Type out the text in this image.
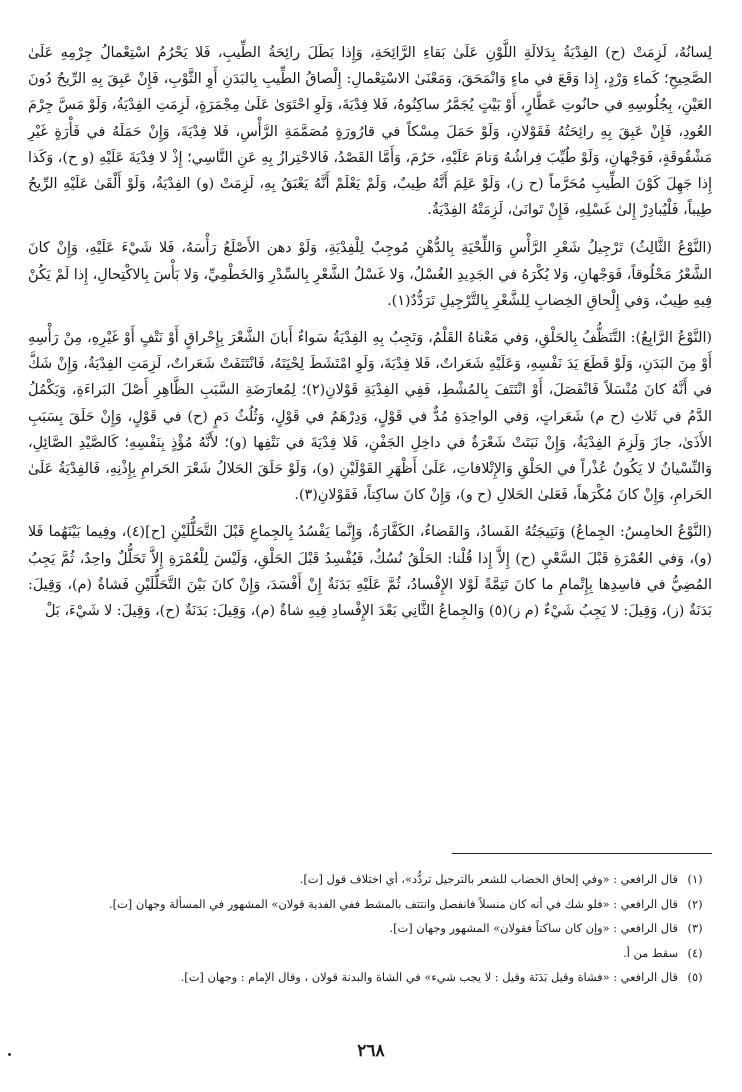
لِسانُهُ، لَزِمَتْ (ح) الفِدْيَةُ بِدَلالَةِ اللَّوْنِ عَلَىٰ بَقاءِ الرَّائِحَةِ، وَإِذا بَطَلَ رائِحَةُ الطِّيبِ، فَلا يَحْرُمُ اسْتِعْمالُ جِرْمِهِ عَلَىٰ الصَّحِيحِ؛ كَماءِ وَرْدٍ، إِذا وَقَعَ في ماءٍ وَانْمَحَقَ، وَمَعْنَىٰ الاسْتِعْمالِ: إِلْصاقُ الطِّيبِ بِالبَدَنِ أَوِ الثَّوْبِ، فَإِنْ عَبِقَ بِهِ الرِّيحُ دُونَ العَيْنِ، بِجُلُوسِهِ في حانُوتِ عَطَّارٍ، أَوْ بَيْتٍ يُجَمَّرُ ساكِنُوهُ، فَلا فِدْيَةَ، وَلَوِ احْتَوَىٰ عَلَىٰ مِجْمَرَةٍ، لَزِمَتِ الفِدْيَةُ، وَلَوْ مَسَّ جِرْمَ العُودِ، فَإِنْ عَبِقَ بِهِ رائِحَتُهُ فَقَوْلانِ، وَلَوْ حَمَلَ مِسْكاً في قارُورَةٍ مُصَمَّمَةِ الرَّأْسِ، فَلا فِدْيَةَ، وَإِنْ حَمَلَهُ في فَأْرَةٍ غَيْرِ مَشْقُوقَةٍ، فَوَجْهانِ، وَلَوْ طُيِّبَ فِراشُهُ وَنامَ عَلَيْهِ، حَرُمَ، وَأَمَّا القَصْدُ، فَالاحْتِرازُ بِهِ عَنِ النَّاسِي؛ إِذْ لا فِدْيَةَ عَلَيْهِ (و ح)، وَكَذا إِذا جَهِلَ كَوْنَ الطِّيبِ مُحَرَّماً (ح ز)، وَلَوْ عَلِمَ أَنَّهُ طِيبٌ، وَلَمْ يَعْلَمْ أَنَّهُ يَعْبَقُ بِهِ، لَزِمَتْ (و) الفِدْيَةُ، وَلَوْ أَلْقَىٰ عَلَيْهِ الرِّيحُ طِيباً، فَلْيُبادِرْ إِلىٰ غَسْلِهِ، فَإِنْ تَوانَىٰ، لَزِمَتْهُ الفِدْيَةُ.

(النَّوْعُ الثَّالِثُ) تَرْجِيلُ شَعْرِ الرَّأْسِ وَاللِّحْيَةِ بِالدُّهْنِ مُوجِبٌ لِلْفِدْيَةِ، وَلَوْ دهن الأَصْلَعُ رَأْسَهُ، فَلا شَيْءَ عَلَيْهِ، وَإِنْ كانَ الشَّعْرُ مَحْلُوقاً، فَوَجْهانِ، وَلا يُكْرَهُ في الجَدِيدِ الغُسْلُ، وَلا غَسْلُ الشَّعْرِ بِالسِّدْرِ وَالخَطْمِيِّ، وَلا بَأْسَ بِالاكْتِحالِ، إِذا لَمْ يَكُنْ فِيهِ طِيبٌ، وَفي إِلْحاقِ الخِضابِ لِلشَّعْرِ بِالتَّرْجِيلِ تَرَدُّدٌ(١).

(النَّوْعُ الرَّابِعُ): التَّنَظُّفُ بِالحَلْقِ، وَفي مَعْناهُ القَلْمُ، وَتَجِبُ بِهِ الفِدْيَةُ سَواءٌ أَبانَ الشَّعْرَ بِإِحْراقٍ أَوْ نَتْفٍ أَوْ غَيْرِهِ، مِنْ رَأْسِهِ أَوْ مِنَ البَدَنِ، وَلَوْ قَطَعَ يَدَ نَفْسِهِ، وَعَلَيْهِ شَعَراتٌ، فَلا فِدْيَةَ، وَلَوِ امْتَشَطَ لِحْيَتَهُ، فَانْتَتَفَتْ شَعَراتٌ، لَزِمَتِ الفِدْيَةُ، وَإِنْ شَكَّ في أَنَّهُ كانَ مُنْسَلاً فَانْفَصَلَ، أَوْ انْتَتَفَ بِالمُشْطِ، فَفِي الفِدْيَةِ قَوْلانِ(٢)؛ لِمُعارَضَةِ السَّبَبِ الظَّاهِرِ أَصْلَ البَراءَةِ، وَيَكْمُلُ الدَّمُ في ثَلاثِ (ح م) شَعَراتٍ، وَفي الواحِدَةِ مُدٌّ في قَوْلٍ، وَدِرْهَمٌ في قَوْلٍ، وَثُلُثُ دَمٍ (ح) في قَوْلٍ، وَإِنْ حَلَقَ بِسَبَبِ الأَذَىٰ، جازَ وَلَزِمَ الفِدْيَةُ، وَإِنْ نَبَتَتْ شَعْرَةٌ في داخِلِ الجَفْنِ، فَلا فِدْيَةَ في نَتْفِها (و)؛ لأَنَّهُ مُؤْذٍ بِنَفْسِهِ؛ كَالصَّيْدِ الصَّائِلِ، وَالنِّسْيانُ لا يَكُونُ عُذْراً في الحَلْقِ وَالإِتْلافاتِ، عَلَىٰ أَظْهَرِ القَوْلَيْنِ (و)، وَلَوْ حَلَقَ الحَلالُ شَعْرَ الحَرامِ بِإِذْنِهِ، فَالفِدْيَةُ عَلَىٰ الحَرامِ، وَإِنْ كانَ مُكْرَهاً، فَعَلىٰ الحَلالِ (ح و)، وَإِنْ كانَ ساكِتاً، فَقَوْلانِ(٣).

(النَّوْعُ الخامِسُ: الجِماعُ) وَنَتِيجَتُهُ الفَسادُ، وَالقَضاءُ، الكَفَّارَةُ، وَإِنَّما يَفْسُدُ بِالجِماعِ قَبْلَ التَّحَلُّلَيْنِ [ح](٤)، وفِيما بَيْنَهُما فَلا (و)، وَفي العُمْرَةِ قَبْلَ السَّعْيِ (ح) إِلاَّ إِذا قُلْنا: الحَلْقُ نُسُكٌ، فَيُفْسِدُ قَبْلَ الحَلْقِ، وَلَيْسَ لِلْعُمْرَةِ إِلاَّ تَحَلُّلٌ واحِدٌ، ثُمَّ يَجِبُ المُضِيُّ في فاسِدِها بِإِتْمامِ ما كانَ تَتِمَّةً لَوْلا الإِفْسادُ، ثُمَّ عَلَيْهِ بَدَنَةٌ إِنْ أَفْسَدَ، وَإِنْ كانَ بَيْنَ التَّحَلُّلَيْنِ فَشاةٌ (م)، وَقِيلَ: بَدَنَةٌ (ز)، وَقِيلَ: لا يَجِبُ شَيْءٌ (م ز)(٥) وَالجِماعُ الثَّانِي بَعْدَ الإِفْسادِ فِيهِ شاةٌ (م)، وَقِيلَ: بَدَنَةٌ (ح)، وَقِيلَ: لا شَيْءَ، بَلْ

(١)
قال الرافعي : «وفي إلحاق الخضاب للشعر بالترجيل تردُّد»، أي اختلاف قول [ت].
(٢)
قال الرافعي : «فلو شك في أنه كان منسلاً فانفصل وانتتف بالمشط ففي الفدية قولان» المشهور في المسألة وجهان [ت].
(٣)
قال الرافعي : «وإن كان ساكتاً فقولان» المشهور وجهان [ت].
(٤)
سقط من أ.
(٥)
قال الرافعي : «فشاة وقيل بَدَنَة وقيل : لا يجب شيء» في الشاة والبدنة قولان ، وقال الإمام : وجهان [ت].
٢٦٨
